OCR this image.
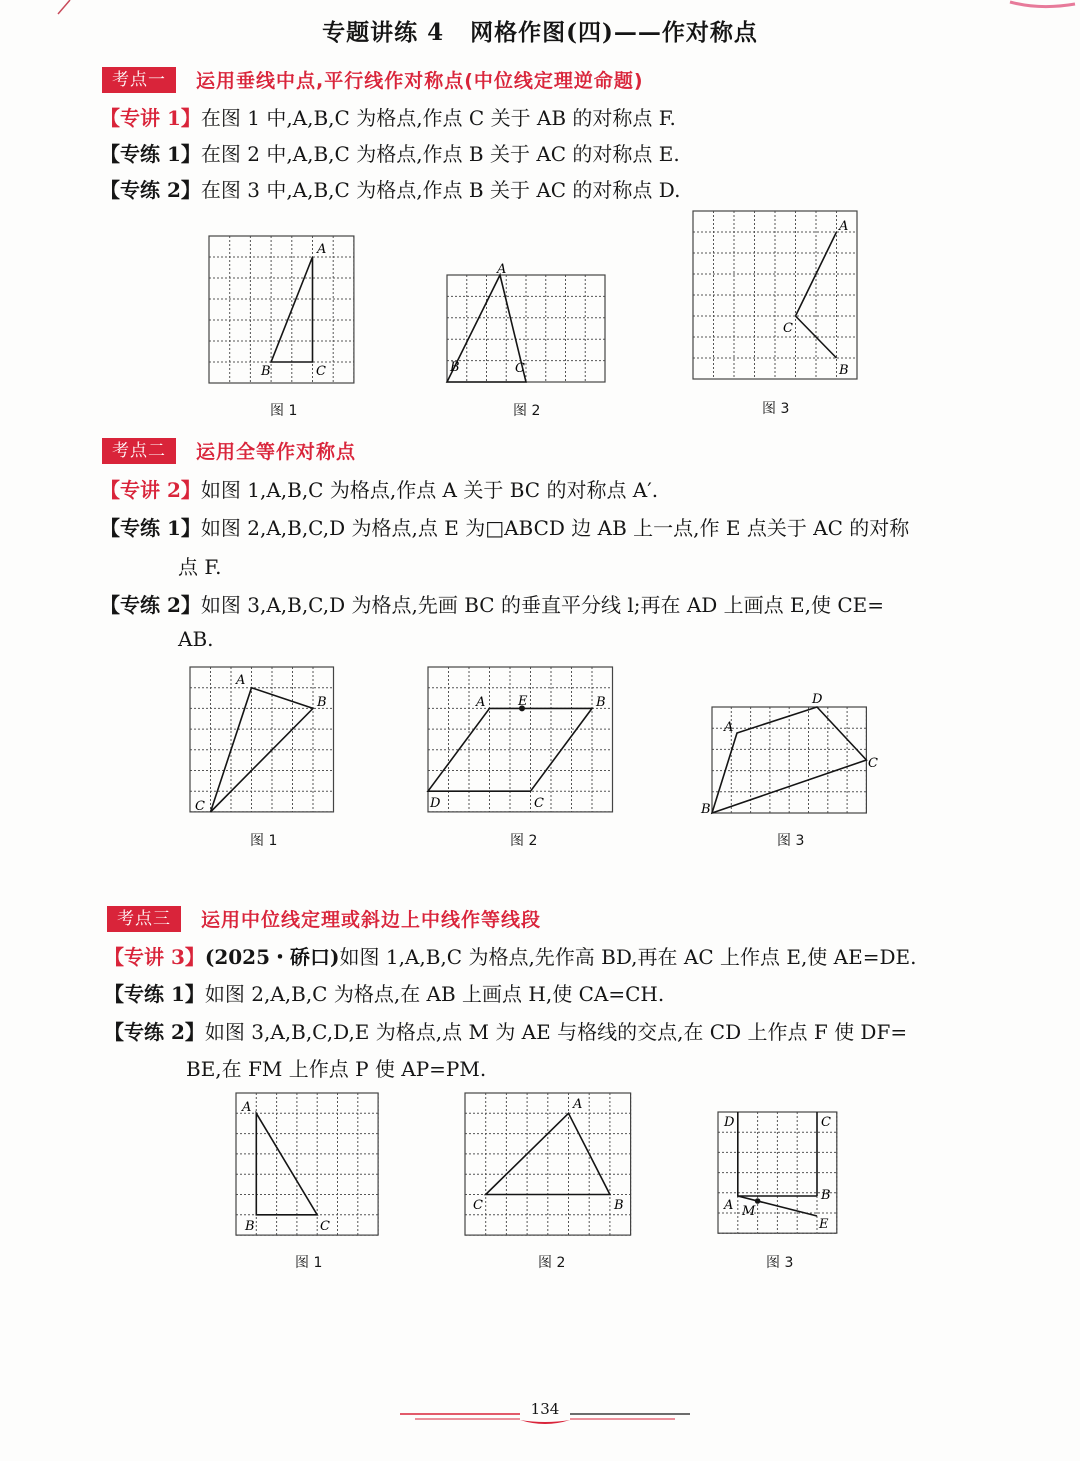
专题讲练 4 网格作图(四)——作对称点
考点一 运用垂线中点,平行线作对称点(中位线定理逆命题)
【专讲 1】在图 1 中,A,B,C 为格点,作点 C 关于 AB 的对称点 F.
【专练 1】在图 2 中,A,B,C 为格点,作点 B 关于 AC 的对称点 E.
【专练 2】在图 3 中,A,B,C 为格点,作点 B 关于 AC 的对称点 D.
A
B	C
图 1
A
B	C
图 2
A
C
B
图 3
考点二 运用全等作对称点
【专讲 2】如图 1,A,B,C 为格点,作点 A 关于 BC 的对称点 A′.
【专练 1】如图 2,A,B,C,D 为格点,点 E 为□ABCD 边 AB 上一点,作 E 点关于 AC 的对称
点 F.
【专练 2】如图 3,A,B,C,D 为格点,先画 BC 的垂直平分线 l;再在 AD 上画点 E,使 CE=
AB.
A
B
C
图 1
A	E	B
D	C
图 2
D
A
C
B
图 3
考点三 运用中位线定理或斜边上中线作等线段
【专讲 3】(2025・硚口)如图 1,A,B,C 为格点,先作高 BD,再在 AC 上作点 E,使 AE=DE.
【专练 1】如图 2,A,B,C 为格点,在 AB 上画点 H,使 CA=CH.
【专练 2】如图 3,A,B,C,D,E 为格点,点 M 为 AE 与格线的交点,在 CD 上作点 F 使 DF=
BE,在 FM 上作点 P 使 AP=PM.
A
B	C
图 1
A
C	B
图 2
D	C
B
A M
E
图 3
134
